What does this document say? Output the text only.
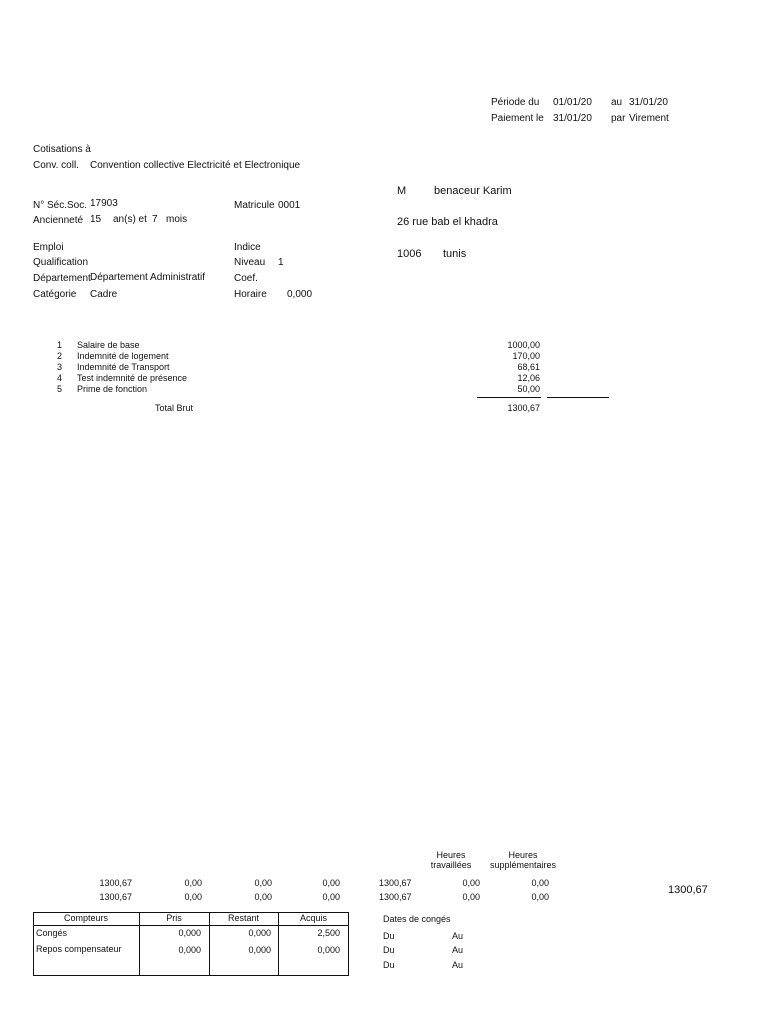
Période du 01/01/20 au 31/01/20
Paiement le 31/01/20 par Virement
Cotisations à
Conv. coll. Convention collective Electricité et Electronique
M	benaceur Karim
26 rue bab el khadra
1006 tunis
N° Séc.Soc. 17903	Matricule 0001
Ancienneté 15 an(s) et 7 mois
Emploi	Indice
Qualification	Niveau 1
Département Département Administratif	Coef.
Catégorie Cadre	Horaire 0,000
1 Salaire de base	1000,00
2 Indemnité de logement	170,00
3 Indemnité de Transport	68,61
4 Test indemnité de présence	12,06
5 Prime de fonction	50,00
Total Brut	1300,67
Heures
travaillées
Heures
supplémentaires
1300,67	0,00	0,00	0,00	1300,67	0,00	0,00
1300,67	0,00	0,00	0,00	1300,67	0,00	0,00
1300,67
Compteurs	Pris	Restant	Acquis
Congés	0,000	0,000	2,500
Repos compensateur	0,000	0,000	0,000
Dates de congés
Du	Au
Du	Au
Du	Au
